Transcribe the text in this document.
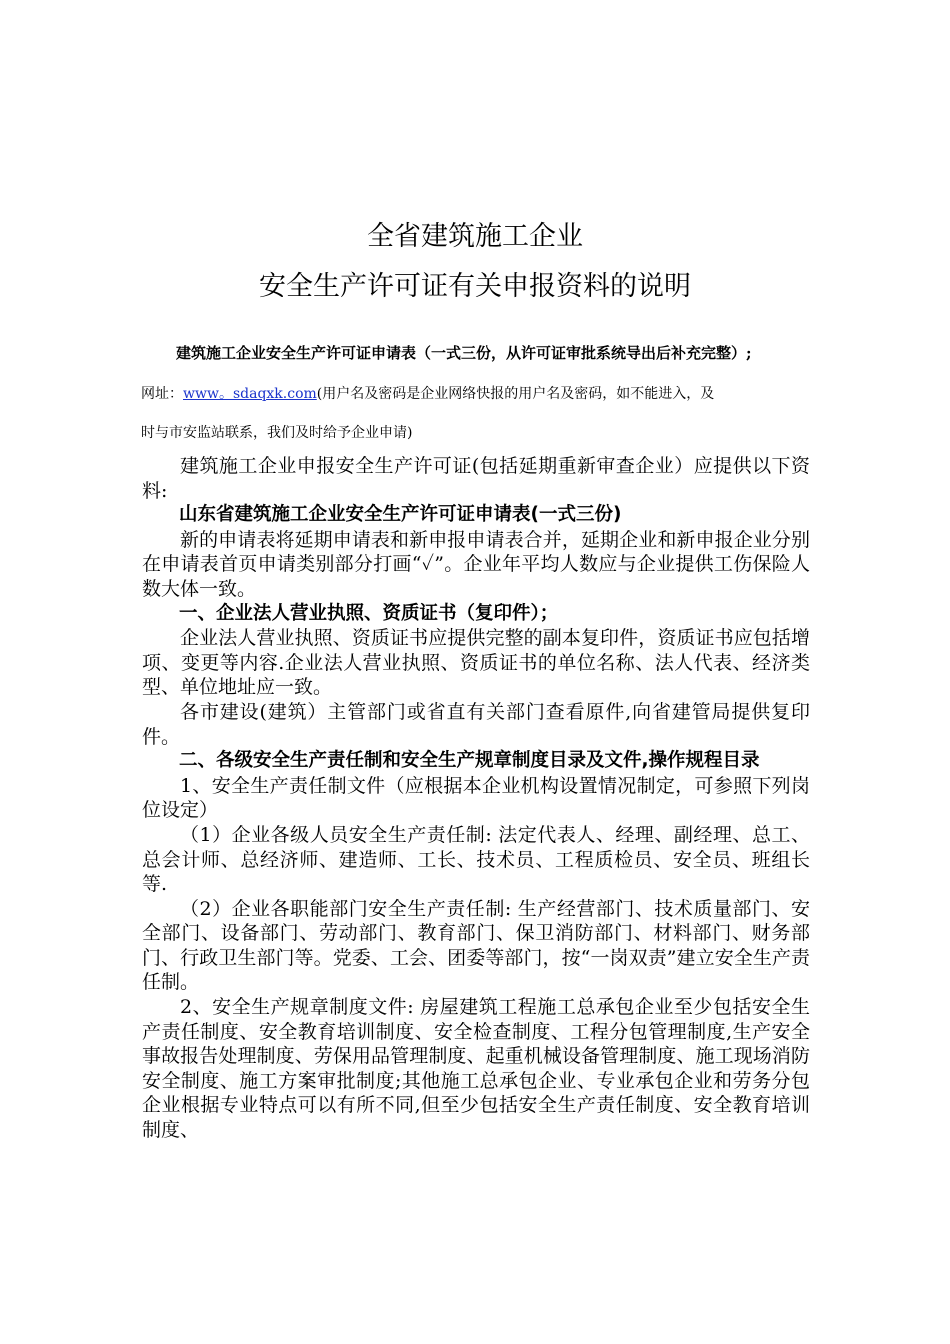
全省建筑施工企业
安全生产许可证有关申报资料的说明
建筑施工企业安全生产许可证申请表（一式三份，从许可证审批系统导出后补充完整）;
网址：www。sdaqxk.com(用户名及密码是企业网络快报的用户名及密码，如不能进入，及
时与市安监站联系，我们及时给予企业申请)

建筑施工企业申报安全生产许可证(包括延期重新审查企业）应提供以下资料:

山东省建筑施工企业安全生产许可证申请表(一式三份)

新的申请表将延期申请表和新申报申请表合并，延期企业和新申报企业分别在申请表首页申请类别部分打画“✓”。企业年平均人数应与企业提供工伤保险人数大体一致。

一、企业法人营业执照、资质证书（复印件）；

企业法人营业执照、资质证书应提供完整的副本复印件，资质证书应包括增项、变更等内容.企业法人营业执照、资质证书的单位名称、法人代表、经济类型、单位地址应一致。

各市建设(建筑）主管部门或省直有关部门查看原件,向省建管局提供复印件。

二、各级安全生产责任制和安全生产规章制度目录及文件,操作规程目录

1、安全生产责任制文件（应根据本企业机构设置情况制定，可参照下列岗位设定）

（1）企业各级人员安全生产责任制: 法定代表人、经理、副经理、总工、总会计师、总经济师、建造师、工长、技术员、工程质检员、安全员、班组长等.

（2）企业各职能部门安全生产责任制: 生产经营部门、技术质量部门、安全部门、设备部门、劳动部门、教育部门、保卫消防部门、材料部门、财务部门、行政卫生部门等。党委、工会、团委等部门，按“一岗双责”建立安全生产责任制。

2、安全生产规章制度文件: 房屋建筑工程施工总承包企业至少包括安全生产责任制度、安全教育培训制度、安全检查制度、工程分包管理制度,生产安全事故报告处理制度、劳保用品管理制度、起重机械设备管理制度、施工现场消防安全制度、施工方案审批制度;其他施工总承包企业、专业承包企业和劳务分包企业根据专业特点可以有所不同,但至少包括安全生产责任制度、安全教育培训制度、
